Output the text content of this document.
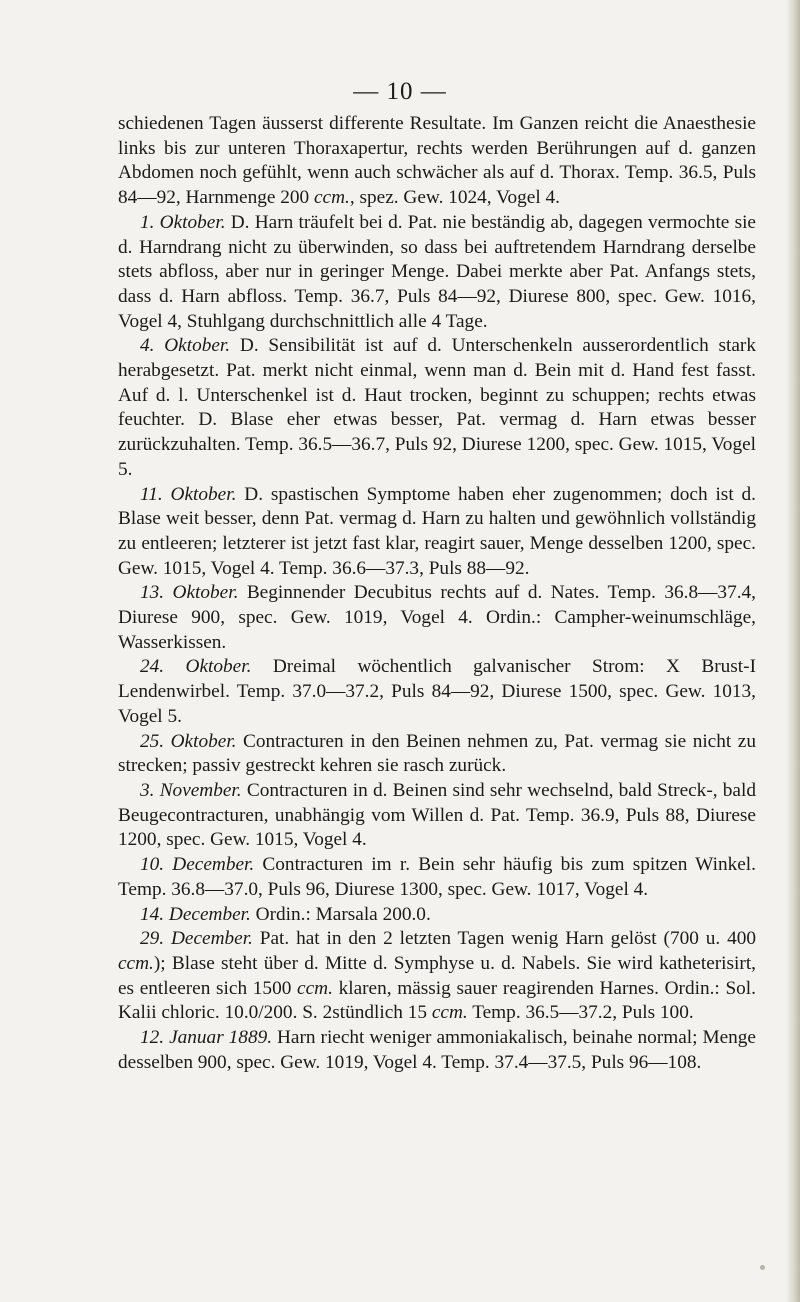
— 10 —

schiedenen Tagen äusserst differente Resultate. Im Ganzen reicht die Anaesthesie links bis zur unteren Thoraxapertur, rechts werden Berührungen auf d. ganzen Abdomen noch gefühlt, wenn auch schwächer als auf d. Thorax. Temp. 36.5, Puls 84—92, Harnmenge 200 ccm., spez. Gew. 1024, Vogel 4.

1. Oktober. D. Harn träufelt bei d. Pat. nie beständig ab, dagegen vermochte sie d. Harndrang nicht zu überwinden, so dass bei auftretendem Harndrang derselbe stets abfloss, aber nur in geringer Menge. Dabei merkte aber Pat. Anfangs stets, dass d. Harn abfloss. Temp. 36.7, Puls 84—92, Diurese 800, spec. Gew. 1016, Vogel 4, Stuhlgang durchschnittlich alle 4 Tage.

4. Oktober. D. Sensibilität ist auf d. Unterschenkeln ausserordentlich stark herabgesetzt. Pat. merkt nicht einmal, wenn man d. Bein mit d. Hand fest fasst. Auf d. l. Unterschenkel ist d. Haut trocken, beginnt zu schuppen; rechts etwas feuchter. D. Blase eher etwas besser, Pat. vermag d. Harn etwas besser zurückzuhalten. Temp. 36.5—36.7, Puls 92, Diurese 1200, spec. Gew. 1015, Vogel 5.

11. Oktober. D. spastischen Symptome haben eher zugenommen; doch ist d. Blase weit besser, denn Pat. vermag d. Harn zu halten und gewöhnlich vollständig zu entleeren; letzterer ist jetzt fast klar, reagirt sauer, Menge desselben 1200, spec. Gew. 1015, Vogel 4. Temp. 36.6—37.3, Puls 88—92.

13. Oktober. Beginnender Decubitus rechts auf d. Nates. Temp. 36.8—37.4, Diurese 900, spec. Gew. 1019, Vogel 4. Ordin.: Campher-weinumschläge, Wasserkissen.

24. Oktober. Dreimal wöchentlich galvanischer Strom: X Brust-I Lendenwirbel. Temp. 37.0—37.2, Puls 84—92, Diurese 1500, spec. Gew. 1013, Vogel 5.

25. Oktober. Contracturen in den Beinen nehmen zu, Pat. vermag sie nicht zu strecken; passiv gestreckt kehren sie rasch zurück.

3. November. Contracturen in d. Beinen sind sehr wechselnd, bald Streck-, bald Beugecontracturen, unabhängig vom Willen d. Pat. Temp. 36.9, Puls 88, Diurese 1200, spec. Gew. 1015, Vogel 4.

10. December. Contracturen im r. Bein sehr häufig bis zum spitzen Winkel. Temp. 36.8—37.0, Puls 96, Diurese 1300, spec. Gew. 1017, Vogel 4.

14. December. Ordin.: Marsala 200.0.

29. December. Pat. hat in den 2 letzten Tagen wenig Harn gelöst (700 u. 400 ccm.); Blase steht über d. Mitte d. Symphyse u. d. Nabels. Sie wird katheterisirt, es entleeren sich 1500 ccm. klaren, mässig sauer reagirenden Harnes. Ordin.: Sol. Kalii chloric. 10.0/200. S. 2stündlich 15 ccm. Temp. 36.5—37.2, Puls 100.

12. Januar 1889. Harn riecht weniger ammoniakalisch, beinahe normal; Menge desselben 900, spec. Gew. 1019, Vogel 4. Temp. 37.4—37.5, Puls 96—108.
